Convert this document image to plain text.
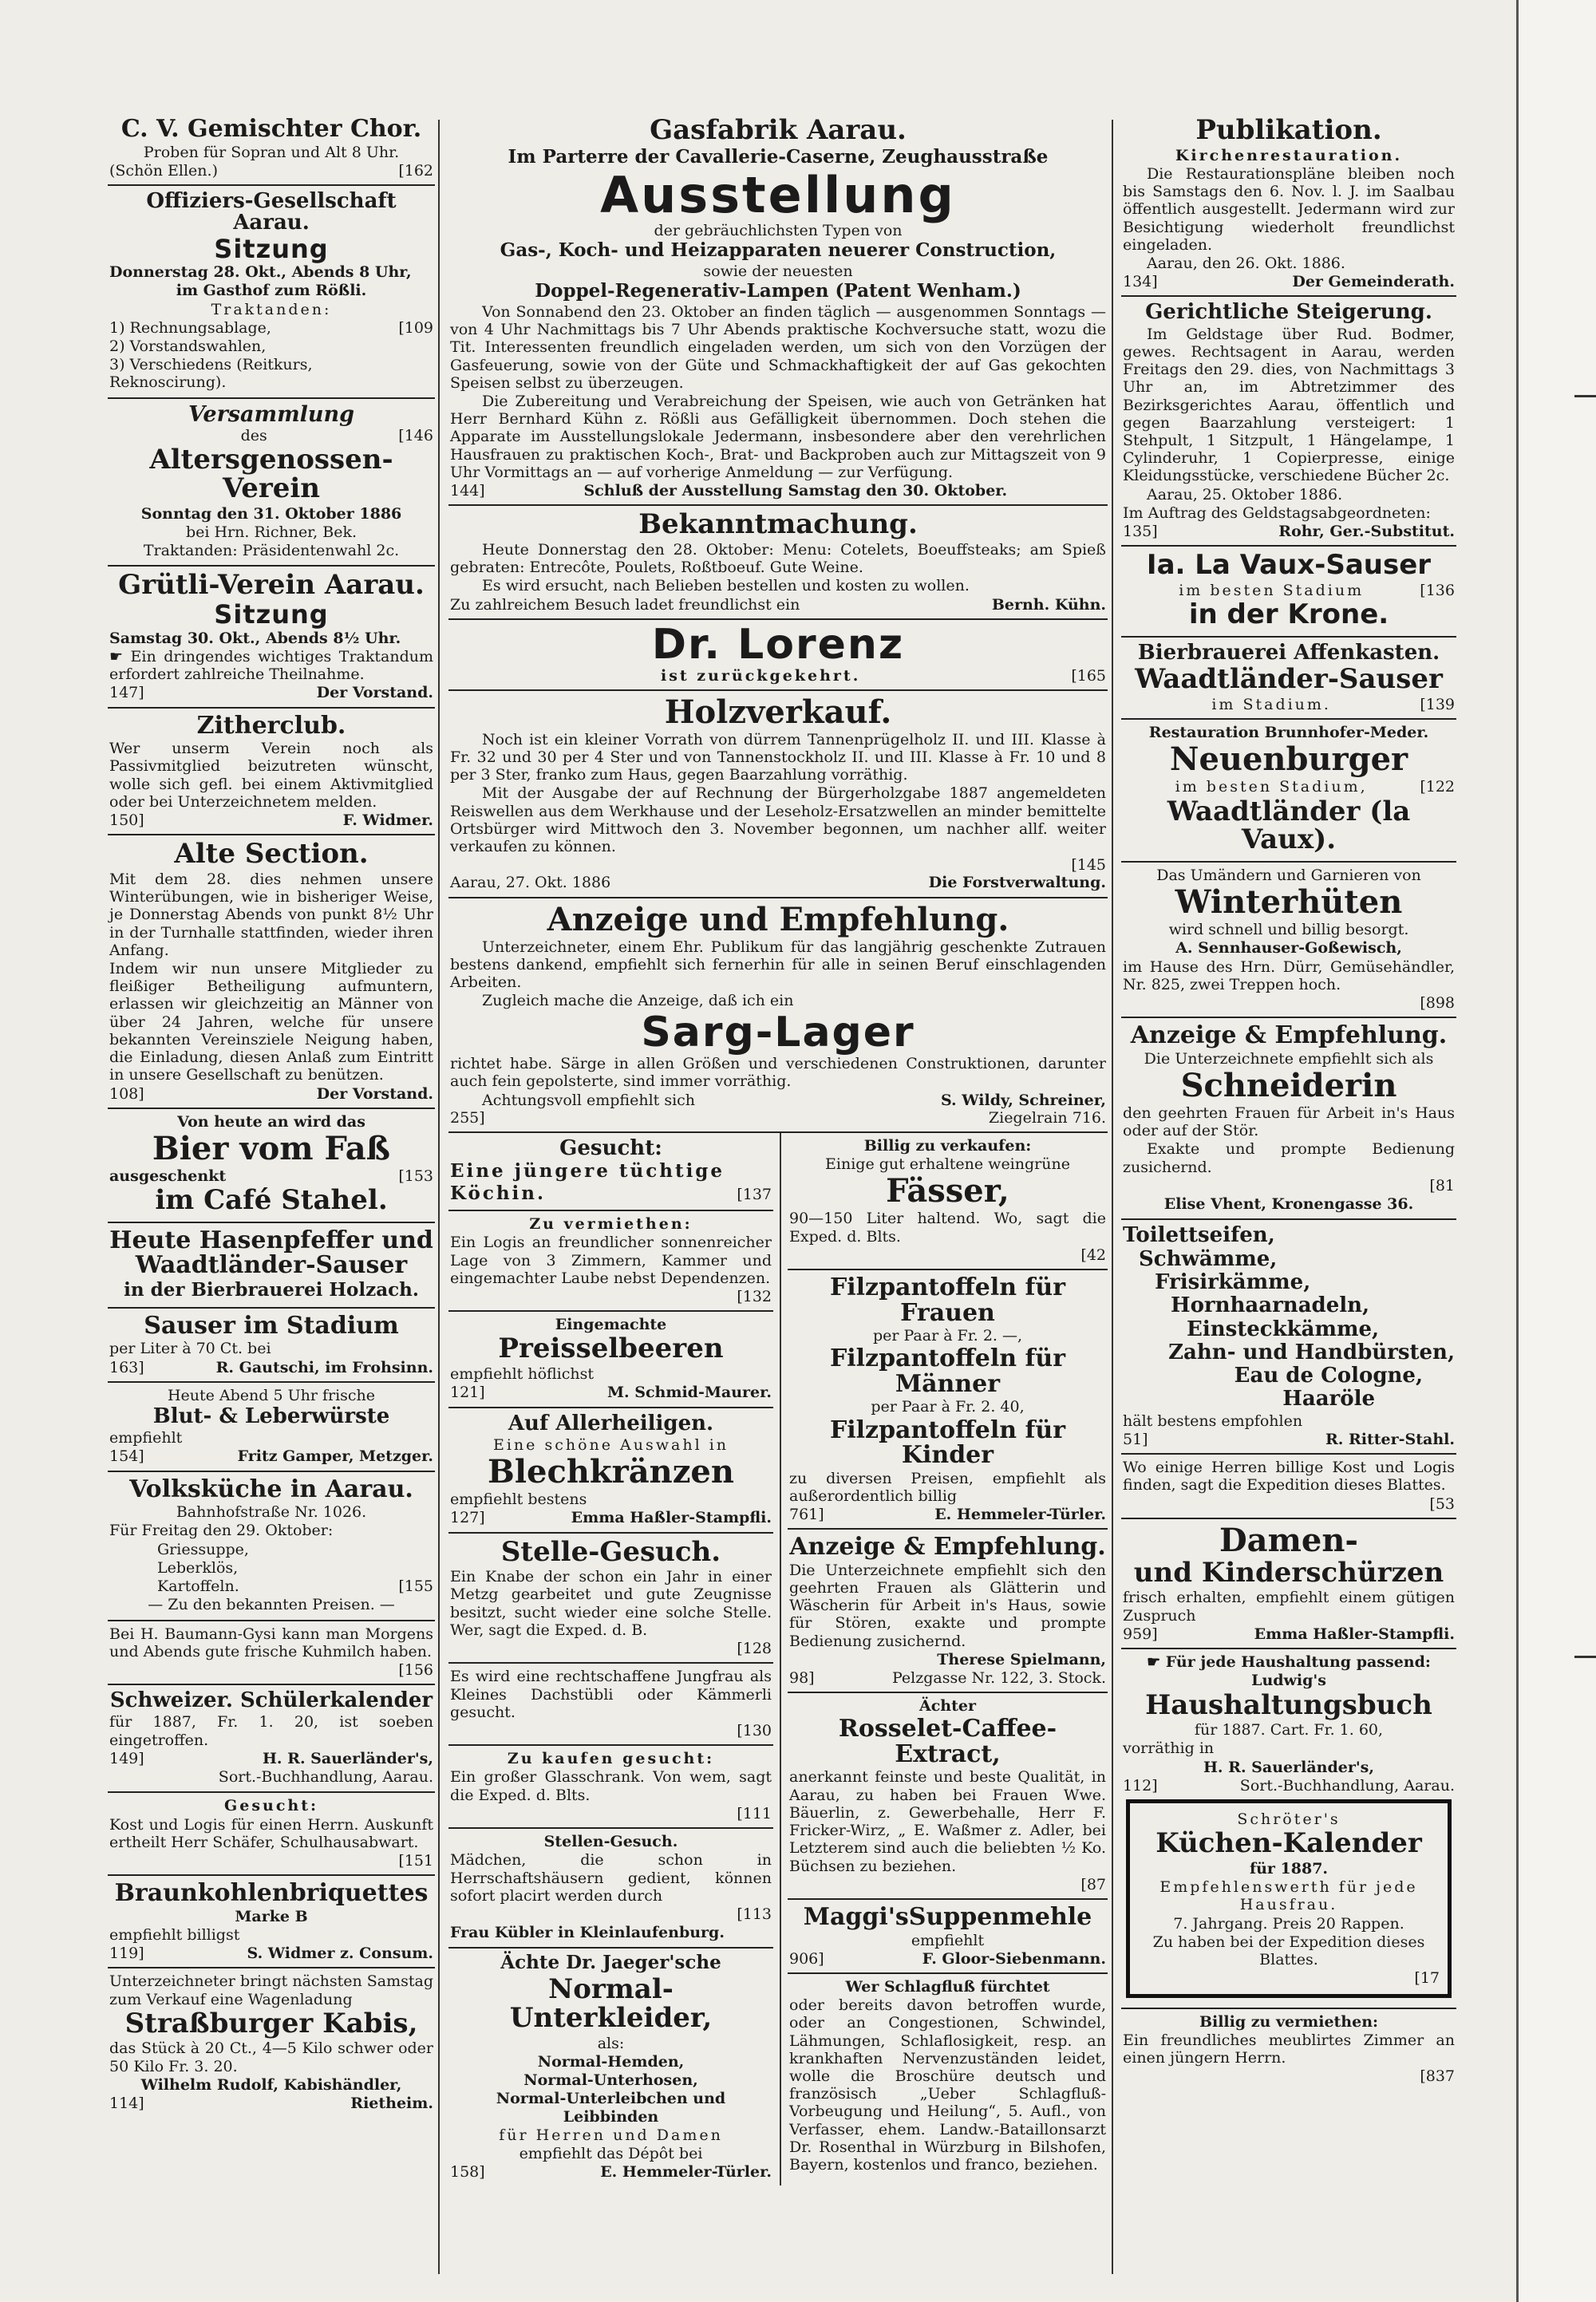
C. V. Gemischter Chor.

Proben für Sopran und Alt 8 Uhr.

(Schön Ellen.)	[162
Offiziers-Gesellschaft Aarau.
Sitzung

Donnerstag 28. Okt., Abends 8 Uhr,

im Gasthof zum Rößli.

Traktanden:

1) Rechnungsablage,	[109

2) Vorstandswahlen,

3) Verschiedens (Reitkurs, Reknoscirung).

Versammlung
des	[146
Altersgenossen-Verein

Sonntag den 31. Oktober 1886

bei Hrn. Richner, Bek.

Traktanden: Präsidentenwahl 2c.

Grütli-Verein Aarau.
Sitzung

Samstag 30. Okt., Abends 8½ Uhr.

☛ Ein dringendes wichtiges Traktandum erfordert zahlreiche Theilnahme.

147]	Der Vorstand.
Zitherclub.

Wer unserm Verein noch als Passivmitglied beizutreten wünscht, wolle sich gefl. bei einem Aktivmitglied oder bei Unterzeichnetem melden.

150]	F. Widmer.
Alte Section.

Mit dem 28. dies nehmen unsere Winterübungen, wie in bisheriger Weise, je Donnerstag Abends von punkt 8½ Uhr in der Turnhalle stattfinden, wieder ihren Anfang.

Indem wir nun unsere Mitglieder zu fleißiger Betheiligung aufmuntern, erlassen wir gleichzeitig an Männer von über 24 Jahren, welche für unsere bekannten Vereinsziele Neigung haben, die Einladung, diesen Anlaß zum Eintritt in unsere Gesellschaft zu benützen.

108]	Der Vorstand.

Von heute an wird das

Bier vom Faß
ausgeschenkt	[153
im Café Stahel.
Heute Hasenpfeffer und Waadtländer-Sauser

in der Bierbrauerei Holzach.

Sauser im Stadium

per Liter à 70 Ct. bei

163]	R. Gautschi, im Frohsinn.

Heute Abend 5 Uhr frische

Blut- & Leberwürste

empfiehlt

154]	Fritz Gamper, Metzger.
Volksküche in Aarau.

Bahnhofstraße Nr. 1026.

Für Freitag den 29. Oktober:

Griessuppe,

Leberklös,

Kartoffeln.	[155

— Zu den bekannten Preisen. —

Bei H. Baumann-Gysi kann man Morgens und Abends gute frische Kuhmilch haben.

[156
Schweizer. Schülerkalender

für 1887, Fr. 1. 20, ist soeben eingetroffen.

149]	H. R. Sauerländer's,

Sort.-Buchhandlung, Aarau.

Gesucht:

Kost und Logis für einen Herrn. Auskunft ertheilt Herr Schäfer, Schulhausabwart.

[151
Braunkohlenbriquettes

Marke B

empfiehlt billigst

119]	S. Widmer z. Consum.

Unterzeichneter bringt nächsten Samstag zum Verkauf eine Wagenladung

Straßburger Kabis,

das Stück à 20 Ct., 4—5 Kilo schwer oder 50 Kilo Fr. 3. 20.

Wilhelm Rudolf, Kabishändler,

114]	Rietheim.
Gasfabrik Aarau.

Im Parterre der Cavallerie-Caserne, Zeughausstraße

Ausstellung

der gebräuchlichsten Typen von

Gas-, Koch- und Heizapparaten neuerer Construction,

sowie der neuesten

Doppel-Regenerativ-Lampen (Patent Wenham.)

Von Sonnabend den 23. Oktober an finden täglich — ausgenommen Sonntags — von 4 Uhr Nachmittags bis 7 Uhr Abends praktische Kochversuche statt, wozu die Tit. Interessenten freundlich eingeladen werden, um sich von den Vorzügen der Gasfeuerung, sowie von der Güte und Schmackhaftigkeit der auf Gas gekochten Speisen selbst zu überzeugen.

Die Zubereitung und Verabreichung der Speisen, wie auch von Getränken hat Herr Bernhard Kühn z. Rößli aus Gefälligkeit übernommen. Doch stehen die Apparate im Ausstellungslokale Jedermann, insbesondere aber den verehrlichen Hausfrauen zu praktischen Koch-, Brat- und Backproben auch zur Mittagszeit von 9 Uhr Vormittags an — auf vorherige Anmeldung — zur Verfügung.

144]	Schluß der Ausstellung Samstag den 30. Oktober.
Bekanntmachung.

Heute Donnerstag den 28. Oktober: Menu: Cotelets, Boeuffsteaks; am Spieß gebraten: Entrecôte, Poulets, Roßtboeuf. Gute Weine.

Es wird ersucht, nach Belieben bestellen und kosten zu wollen.

Zu zahlreichem Besuch ladet freundlichst ein	Bernh. Kühn.
Dr. Lorenz
ist zurückgekehrt.	[165
Holzverkauf.

Noch ist ein kleiner Vorrath von dürrem Tannenprügelholz II. und III. Klasse à Fr. 32 und 30 per 4 Ster und von Tannenstockholz II. und III. Klasse à Fr. 10 und 8 per 3 Ster, franko zum Haus, gegen Baarzahlung vorräthig.

Mit der Ausgabe der auf Rechnung der Bürgerholzgabe 1887 angemeldeten Reiswellen aus dem Werkhause und der Leseholz-Ersatzwellen an minder bemittelte Ortsbürger wird Mittwoch den 3. November begonnen, um nachher allf. weiter verkaufen zu können.

[145
Aarau, 27. Okt. 1886	Die Forstverwaltung.
Anzeige und Empfehlung.

Unterzeichneter, einem Ehr. Publikum für das langjährig geschenkte Zutrauen bestens dankend, empfiehlt sich fernerhin für alle in seinen Beruf einschlagenden Arbeiten.

Zugleich mache die Anzeige, daß ich ein

Sarg-Lager

richtet habe. Särge in allen Größen und verschiedenen Construktionen, darunter auch fein gepolsterte, sind immer vorräthig.

Achtungsvoll empfiehlt sich	S. Wildy, Schreiner,
255]	Ziegelrain 716.
Gesucht:

Eine jüngere tüchtige

Köchin.	[137

Zu vermiethen:

Ein Logis an freundlicher sonnenreicher Lage von 3 Zimmern, Kammer und eingemachter Laube nebst Dependenzen.

[132

Eingemachte

Preisselbeeren

empfiehlt höflichst

121]	M. Schmid-Maurer.
Auf Allerheiligen.

Eine schöne Auswahl in

Blechkränzen

empfiehlt bestens

127]	Emma Haßler-Stampfli.
Stelle-Gesuch.

Ein Knabe der schon ein Jahr in einer Metzg gearbeitet und gute Zeugnisse besitzt, sucht wieder eine solche Stelle. Wer, sagt die Exped. d. B.

[128

Es wird eine rechtschaffene Jungfrau als Kleines Dachstübli oder Kämmerli gesucht.

[130

Zu kaufen gesucht:

Ein großer Glasschrank. Von wem, sagt die Exped. d. Blts.

[111

Stellen-Gesuch.

Mädchen, die schon in Herrschaftshäusern gedient, können sofort placirt werden durch

[113

Frau Kübler in Kleinlaufenburg.

Ächte Dr. Jaeger'sche

Normal-Unterkleider,

als:

Normal-Hemden,

Normal-Unterhosen,

Normal-Unterleibchen und Leibbinden

für Herren und Damen

empfiehlt das Dépôt bei

158]	E. Hemmeler-Türler.

Billig zu verkaufen:

Einige gut erhaltene weingrüne

Fässer,

90—150 Liter haltend. Wo, sagt die Exped. d. Blts.

[42
Filzpantoffeln für Frauen

per Paar à Fr. 2. —,

Filzpantoffeln für Männer

per Paar à Fr. 2. 40,

Filzpantoffeln für Kinder

zu diversen Preisen, empfiehlt als außerordentlich billig

761]	E. Hemmeler-Türler.
Anzeige & Empfehlung.

Die Unterzeichnete empfiehlt sich den geehrten Frauen als Glätterin und Wäscherin für Arbeit in's Haus, sowie für Stören, exakte und prompte Bedienung zusichernd.

Therese Spielmann,

98]	Pelzgasse Nr. 122, 3. Stock.

Ächter

Rosselet-Caffee-Extract,

anerkannt feinste und beste Qualität, in Aarau, zu haben bei Frauen Wwe. Bäuerlin, z. Gewerbehalle, Herr F. Fricker-Wirz, „ E. Waßmer z. Adler, bei Letzterem sind auch die beliebten ½ Ko. Büchsen zu beziehen.

[87
Maggi'sSuppenmehle

empfiehlt

906]	F. Gloor-Siebenmann.

Wer Schlagfluß fürchtet

oder bereits davon betroffen wurde, oder an Congestionen, Schwindel, Lähmungen, Schlaflosigkeit, resp. an krankhaften Nervenzuständen leidet, wolle die Broschüre deutsch und französisch „Ueber Schlagfluß-Vorbeugung und Heilung“, 5. Aufl., von Verfasser, ehem. Landw.-Bataillonsarzt Dr. Rosenthal in Würzburg in Bilshofen, Bayern, kostenlos und franco, beziehen.

Publikation.

Kirchenrestauration.

Die Restaurationspläne bleiben noch bis Samstags den 6. Nov. l. J. im Saalbau öffentlich ausgestellt. Jedermann wird zur Besichtigung wiederholt freundlichst eingeladen.

Aarau, den 26. Okt. 1886.

134]	Der Gemeinderath.
Gerichtliche Steigerung.

Im Geldstage über Rud. Bodmer, gewes. Rechtsagent in Aarau, werden Freitags den 29. dies, von Nachmittags 3 Uhr an, im Abtretzimmer des Bezirksgerichtes Aarau, öffentlich und gegen Baarzahlung versteigert: 1 Stehpult, 1 Sitzpult, 1 Hängelampe, 1 Cylinderuhr, 1 Copierpresse, einige Kleidungsstücke, verschiedene Bücher 2c.

Aarau, 25. Oktober 1886.

Im Auftrag des Geldstagsabgeordneten:

135]	Rohr, Ger.-Substitut.
Ia. La Vaux-Sauser
im besten Stadium	[136
in der Krone.
Bierbrauerei Affenkasten.
Waadtländer-Sauser
im Stadium.	[139

Restauration Brunnhofer-Meder.

Neuenburger
im besten Stadium,	[122
Waadtländer (la Vaux).

Das Umändern und Garnieren von

Winterhüten

wird schnell und billig besorgt.

A. Sennhauser-Goßewisch,

im Hause des Hrn. Dürr, Gemüsehändler, Nr. 825, zwei Treppen hoch.

[898
Anzeige & Empfehlung.

Die Unterzeichnete empfiehlt sich als

Schneiderin

den geehrten Frauen für Arbeit in's Haus oder auf der Stör.

Exakte und prompte Bedienung zusichernd.

[81

Elise Vhent, Kronengasse 36.

Toilettseifen,
Schwämme,
Frisirkämme,
Hornhaarnadeln,
Einsteckkämme,
Zahn- und Handbürsten,
Eau de Cologne,
Haaröle

hält bestens empfohlen

51]	R. Ritter-Stahl.

Wo einige Herren billige Kost und Logis finden, sagt die Expedition dieses Blattes.

[53
Damen-
und Kinderschürzen

frisch erhalten, empfiehlt einem gütigen Zuspruch

959]	Emma Haßler-Stampfli.

☛ Für jede Haushaltung passend:

Ludwig's

Haushaltungsbuch

für 1887. Cart. Fr. 1. 60,

vorräthig in

H. R. Sauerländer's,

112]	Sort.-Buchhandlung, Aarau.

Schröter's

Küchen-Kalender

für 1887.

Empfehlenswerth für jede Hausfrau.

7. Jahrgang. Preis 20 Rappen.

Zu haben bei der Expedition dieses Blattes.

[17

Billig zu vermiethen:

Ein freundliches meublirtes Zimmer an einen jüngern Herrn.

[837
